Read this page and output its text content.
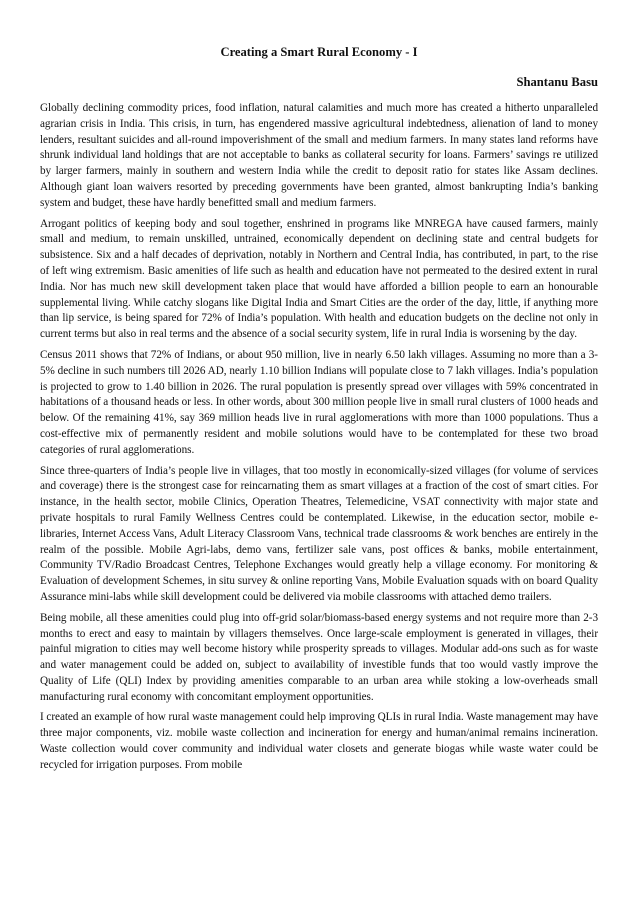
Creating a Smart Rural Economy - I
Shantanu Basu

Globally declining commodity prices, food inflation, natural calamities and much more has created a hitherto unparalleled agrarian crisis in India. This crisis, in turn, has engendered massive agricultural indebtedness, alienation of land to money lenders, resultant suicides and all-round impoverishment of the small and medium farmers. In many states land reforms have shrunk individual land holdings that are not acceptable to banks as collateral security for loans. Farmers’ savings re utilized by larger farmers, mainly in southern and western India while the credit to deposit ratio for states like Assam declines. Although giant loan waivers resorted by preceding governments have been granted, almost bankrupting India’s banking system and budget, these have hardly benefitted small and medium farmers.

Arrogant politics of keeping body and soul together, enshrined in programs like MNREGA have caused farmers, mainly small and medium, to remain unskilled, untrained, economically dependent on declining state and central budgets for subsistence. Six and a half decades of deprivation, notably in Northern and Central India, has contributed, in part, to the rise of left wing extremism. Basic amenities of life such as health and education have not permeated to the desired extent in rural India. Nor has much new skill development taken place that would have afforded a billion people to earn an honourable supplemental living. While catchy slogans like Digital India and Smart Cities are the order of the day, little, if anything more than lip service, is being spared for 72% of India’s population. With health and education budgets on the decline not only in current terms but also in real terms and the absence of a social security system, life in rural India is worsening by the day.

Census 2011 shows that 72% of Indians, or about 950 million, live in nearly 6.50 lakh villages. Assuming no more than a 3-5% decline in such numbers till 2026 AD, nearly 1.10 billion Indians will populate close to 7 lakh villages. India’s population is projected to grow to 1.40 billion in 2026. The rural population is presently spread over villages with 59% concentrated in habitations of a thousand heads or less. In other words, about 300 million people live in small rural clusters of 1000 heads and below. Of the remaining 41%, say 369 million heads live in rural agglomerations with more than 1000 populations. Thus a cost-effective mix of permanently resident and mobile solutions would have to be contemplated for these two broad categories of rural agglomerations.

Since three-quarters of India’s people live in villages, that too mostly in economically-sized villages (for volume of services and coverage) there is the strongest case for reincarnating them as smart villages at a fraction of the cost of smart cities. For instance, in the health sector, mobile Clinics, Operation Theatres, Telemedicine, VSAT connectivity with major state and private hospitals to rural Family Wellness Centres could be contemplated. Likewise, in the education sector, mobile e-libraries, Internet Access Vans, Adult Literacy Classroom Vans, technical trade classrooms & work benches are entirely in the realm of the possible. Mobile Agri-labs, demo vans, fertilizer sale vans, post offices & banks, mobile entertainment, Community TV/Radio Broadcast Centres, Telephone Exchanges would greatly help a village economy. For monitoring & Evaluation of development Schemes, in situ survey & online reporting Vans, Mobile Evaluation squads with on board Quality Assurance mini-labs while skill development could be delivered via mobile classrooms with attached demo trailers.

Being mobile, all these amenities could plug into off-grid solar/biomass-based energy systems and not require more than 2-3 months to erect and easy to maintain by villagers themselves. Once large-scale employment is generated in villages, their painful migration to cities may well become history while prosperity spreads to villages. Modular add-ons such as for waste and water management could be added on, subject to availability of investible funds that too would vastly improve the Quality of Life (QLI) Index by providing amenities comparable to an urban area while stoking a low-overheads small manufacturing rural economy with concomitant employment opportunities.

I created an example of how rural waste management could help improving QLIs in rural India. Waste management may have three major components, viz. mobile waste collection and incineration for energy and human/animal remains incineration. Waste collection would cover community and individual water closets and generate biogas while waste water could be recycled for irrigation purposes. From mobile
